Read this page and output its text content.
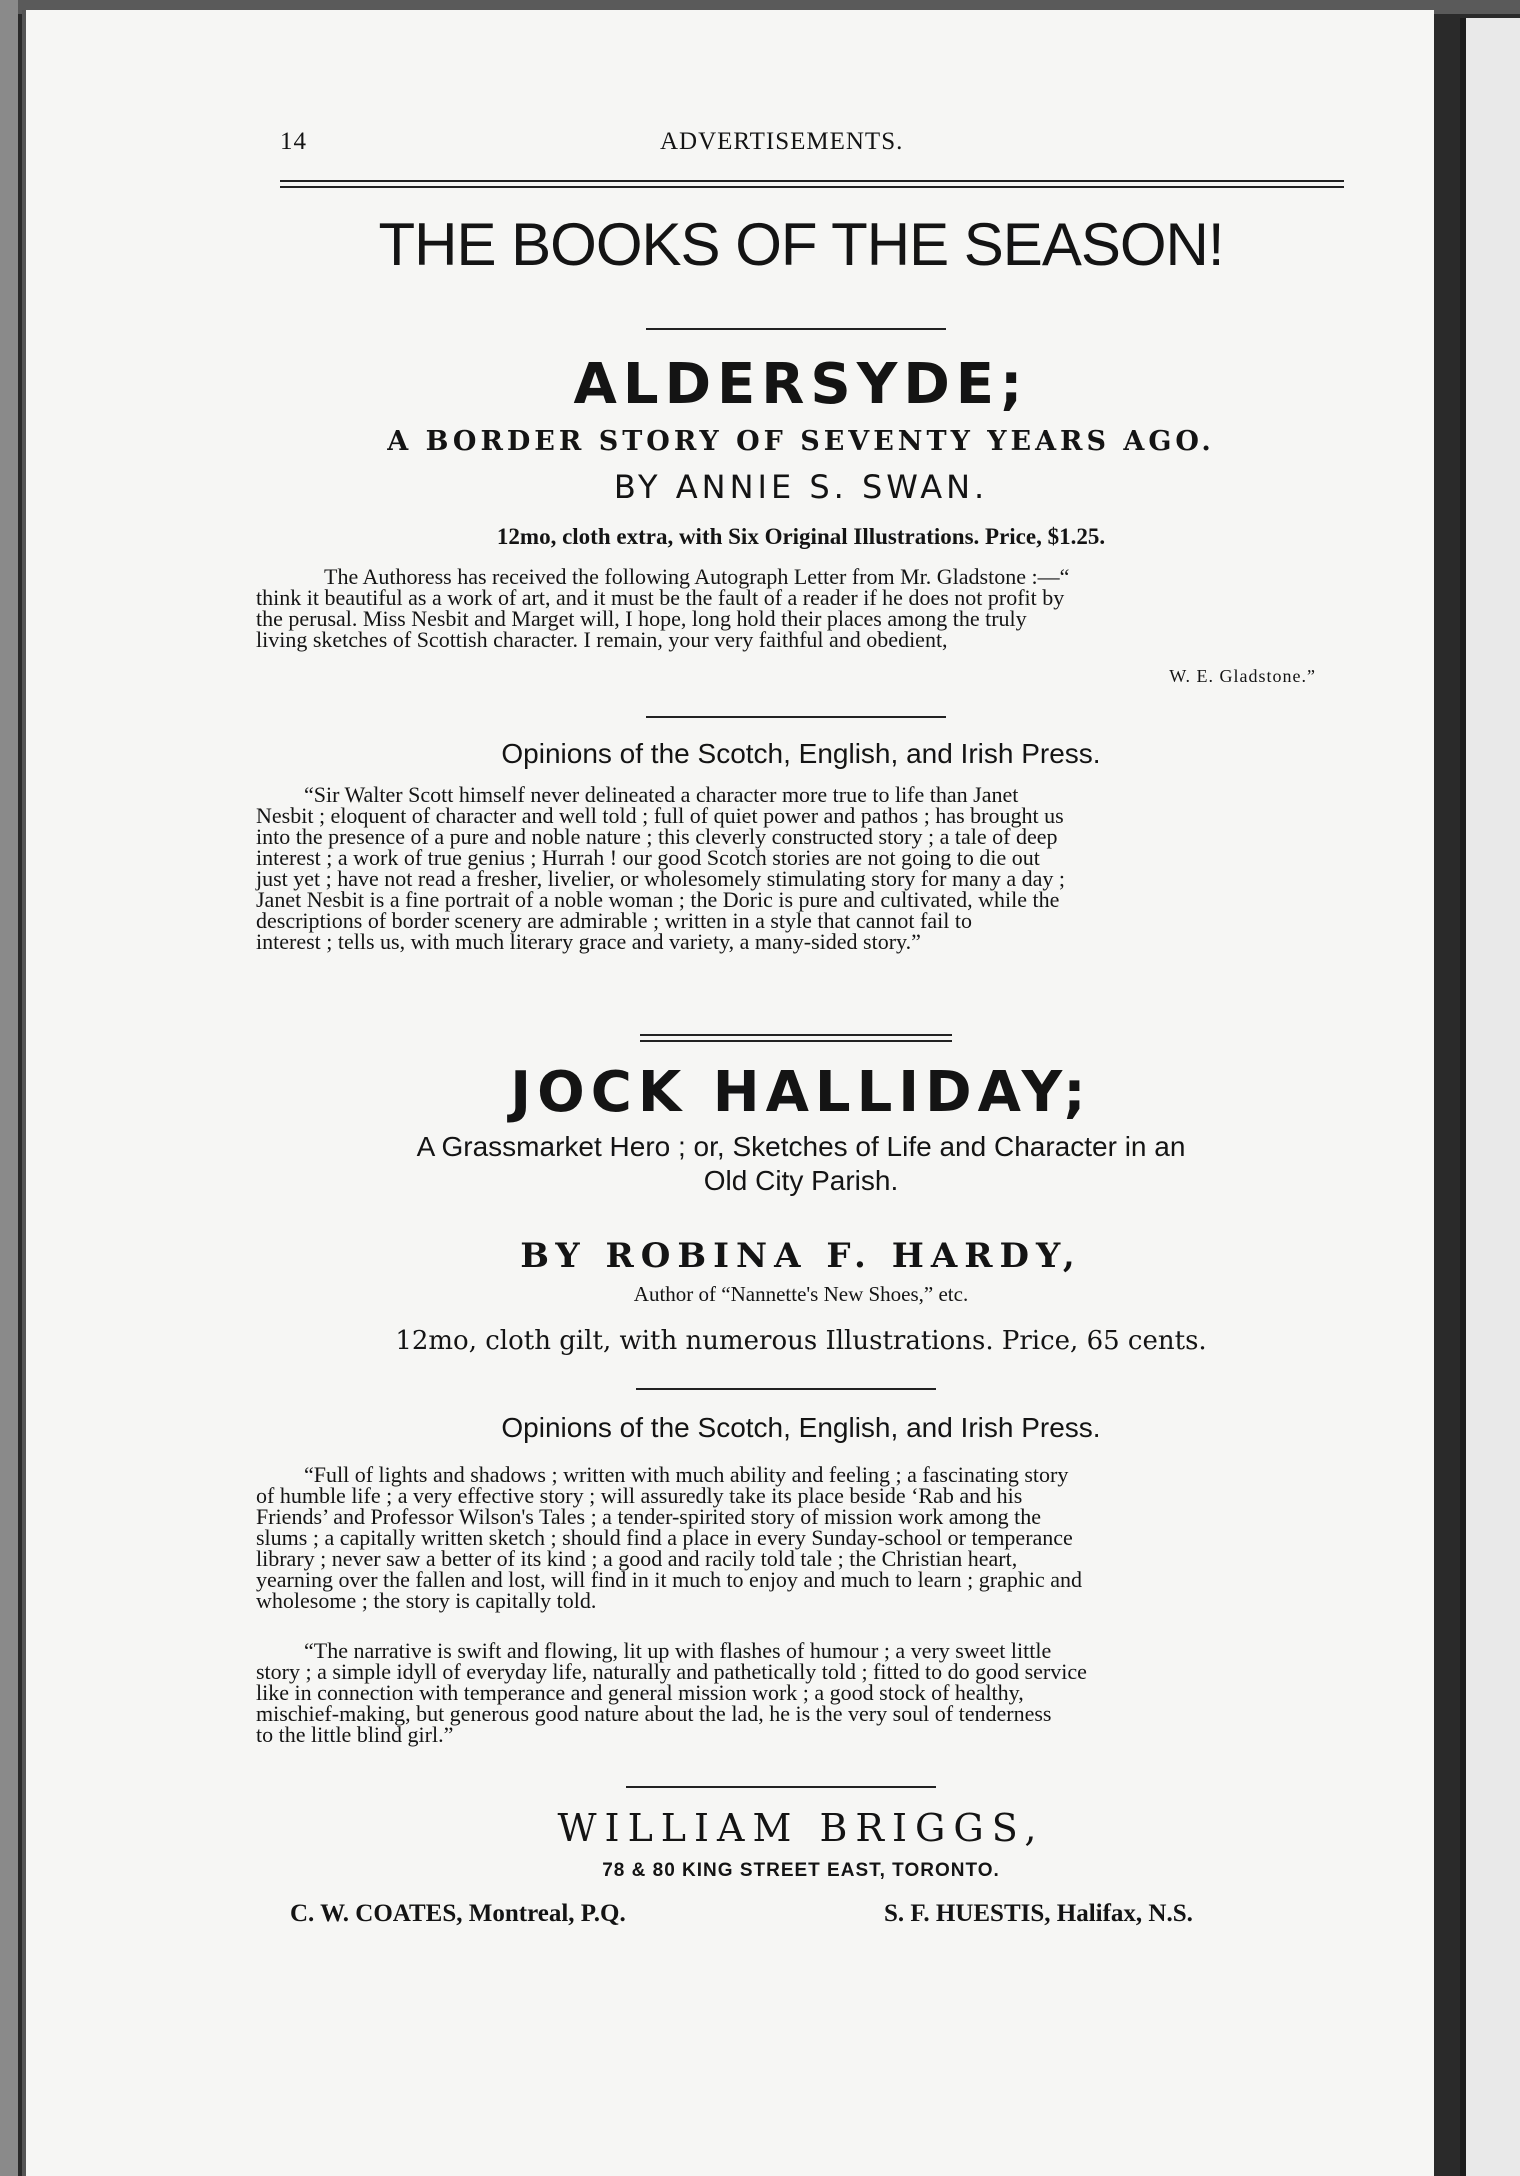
14	ADVERTISEMENTS.
THE BOOKS OF THE SEASON!
ALDERSYDE;
A BORDER STORY OF SEVENTY YEARS AGO.
BY ANNIE S. SWAN.
12mo, cloth extra, with Six Original Illustrations. Price, $1.25.
The Authoress has received the following Autograph Letter from Mr. Gladstone :—“
think it beautiful as a work of art, and it must be the fault of a reader if he does not profit by
the perusal. Miss Nesbit and Marget will, I hope, long hold their places among the truly
living sketches of Scottish character. I remain, your very faithful and obedient,
W. E. Gladstone.”
Opinions of the Scotch, English, and Irish Press.
“Sir Walter Scott himself never delineated a character more true to life than Janet
Nesbit ; eloquent of character and well told ; full of quiet power and pathos ; has brought us
into the presence of a pure and noble nature ; this cleverly constructed story ; a tale of deep
interest ; a work of true genius ; Hurrah ! our good Scotch stories are not going to die out
just yet ; have not read a fresher, livelier, or wholesomely stimulating story for many a day ;
Janet Nesbit is a fine portrait of a noble woman ; the Doric is pure and cultivated, while the
descriptions of border scenery are admirable ; written in a style that cannot fail to
interest ; tells us, with much literary grace and variety, a many-sided story.”
JOCK HALLIDAY;
A Grassmarket Hero ; or, Sketches of Life and Character in an
Old City Parish.
BY ROBINA F. HARDY,
Author of “Nannette's New Shoes,” etc.
12mo, cloth gilt, with numerous Illustrations. Price, 65 cents.
Opinions of the Scotch, English, and Irish Press.
“Full of lights and shadows ; written with much ability and feeling ; a fascinating story
of humble life ; a very effective story ; will assuredly take its place beside ‘Rab and his
Friends’ and Professor Wilson's Tales ; a tender-spirited story of mission work among the
slums ; a capitally written sketch ; should find a place in every Sunday-school or temperance
library ; never saw a better of its kind ; a good and racily told tale ; the Christian heart,
yearning over the fallen and lost, will find in it much to enjoy and much to learn ; graphic and
wholesome ; the story is capitally told.
“The narrative is swift and flowing, lit up with flashes of humour ; a very sweet little
story ; a simple idyll of everyday life, naturally and pathetically told ; fitted to do good service
like in connection with temperance and general mission work ; a good stock of healthy,
mischief-making, but generous good nature about the lad, he is the very soul of tenderness
to the little blind girl.”
WILLIAM BRIGGS,
78 & 80 KING STREET EAST, TORONTO.
C. W. COATES, Montreal, P.Q.	S. F. HUESTIS, Halifax, N.S.
